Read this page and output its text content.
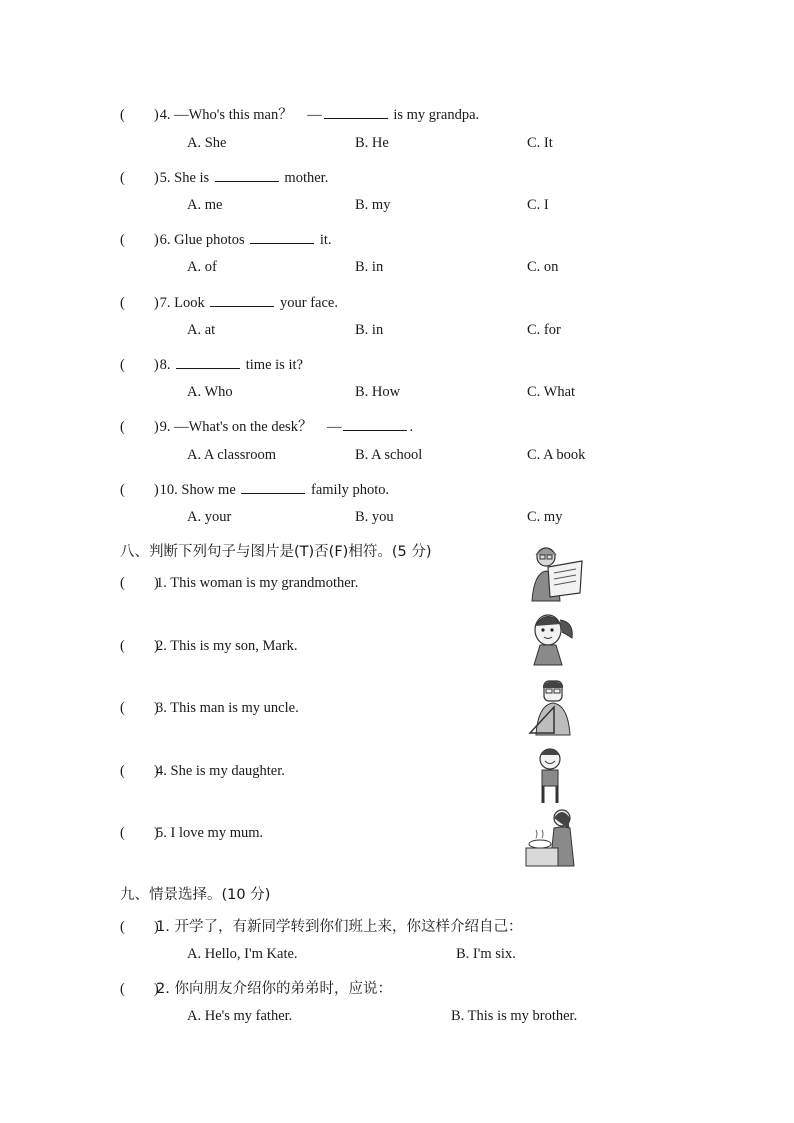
(　　) 4. —Who's this man？　—	is my grandpa.
A. She	B. He	C. It
(　　) 5. She is	mother.
A. me	B. my	C. I
(　　) 6. Glue photos	it.
A. of	B. in	C. on
(　　) 7. Look	your face.
A. at	B. in	C. for
(　　) 8.	time is it?
A. Who	B. How	C. What
(　　) 9. —What's on the desk？　—	.
A. A classroom	B. A school	C. A book
(　　) 10. Show me	family photo.
A. your	B. you	C. my
八、判断下列句子与图片是(T)否(F)相符。(5 分)
(　　)1. This woman is my grandmother.
(　　)2. This is my son, Mark.
(　　)3. This man is my uncle.
(　　)4. She is my daughter.
(　　)5. I love my mum.
九、情景选择。(10 分)
(　　)1. 开学了，有新同学转到你们班上来，你这样介绍自己：
A. Hello, I'm Kate.	B. I'm six.
(　　)2. 你向朋友介绍你的弟弟时，应说：
A. He's my father.	B. This is my brother.
